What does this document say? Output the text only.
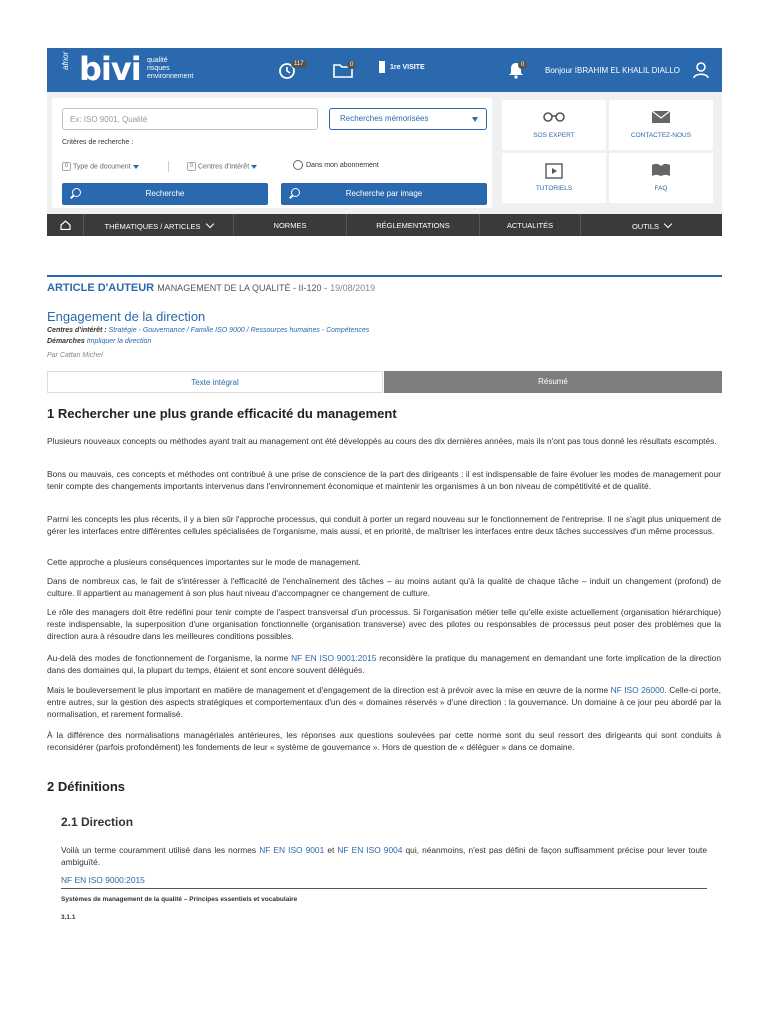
afnor bivi qualité
risques
environnement
117	0	1re VISITE	0
Bonjour IBRAHIM EL KHALIL DIALLO
Ex: ISO 9001, Qualité	Recherches mémorisées
Critères de recherche :
0 Type de document	0 Centres d'intérêt	Dans mon abonnement
Recherche	Recherche par image
SOS EXPERT	CONTACTEZ-NOUS
TUTORIELS	FAQ
THÉMATIQUES / ARTICLES	NORMES	RÉGLEMENTATIONS	ACTUALITÉS	OUTILS
ARTICLE D'AUTEUR MANAGEMENT DE LA QUALITÉ - II-120 - 19/08/2019
Engagement de la direction
Centres d'intérêt : Stratégie - Gouvernance / Famille ISO 9000 / Ressources humaines - Compétences
Démarches Impliquer la direction
Par Cattan Michel
Texte intégral	Résumé
1 Rechercher une plus grande efficacité du management
Plusieurs nouveaux concepts ou méthodes ayant trait au management ont été développés au cours des dix dernières années, mais ils n'ont pas tous donné les résultats escomptés.
Bons ou mauvais, ces concepts et méthodes ont contribué à une prise de conscience de la part des dirigeants : il est indispensable de faire évoluer les modes de management pour tenir compte des changements importants intervenus dans l'environnement économique et maintenir les organismes à un bon niveau de compétitivité et de qualité.
Parmi les concepts les plus récents, il y a bien sûr l'approche processus, qui conduit à porter un regard nouveau sur le fonctionnement de l'entreprise. Il ne s'agit plus uniquement de gérer les interfaces entre différentes cellules spécialisées de l'organisme, mais aussi, et en priorité, de maîtriser les interfaces entre deux tâches successives d'un même processus.
Cette approche a plusieurs conséquences importantes sur le mode de management.
Dans de nombreux cas, le fait de s'intéresser à l'efficacité de l'enchaînement des tâches – au moins autant qu'à la qualité de chaque tâche – induit un changement (profond) de culture. Il appartient au management à son plus haut niveau d'accompagner ce changement de culture.
Le rôle des managers doit être redéfini pour tenir compte de l'aspect transversal d'un processus. Si l'organisation métier telle qu'elle existe actuellement (organisation hiérarchique) reste indispensable, la superposition d'une organisation fonctionnelle (organisation transverse) avec des pilotes ou responsables de processus peut poser des problèmes que la direction aura à résoudre dans les meilleures conditions possibles.
Au-delà des modes de fonctionnement de l'organisme, la norme NF EN ISO 9001:2015 reconsidère la pratique du management en demandant une forte implication de la direction dans des domaines qui, la plupart du temps, étaient et sont encore souvent délégués.
Mais le bouleversement le plus important en matière de management et d'engagement de la direction est à prévoir avec la mise en œuvre de la norme NF ISO 26000. Celle-ci porte, entre autres, sur la gestion des aspects stratégiques et comportementaux d'un des « domaines réservés » d'une direction : la gouvernance. Un domaine à ce jour peu abordé par la normalisation, et rarement formalisé.
À la différence des normalisations managériales antérieures, les réponses aux questions soulevées par cette norme sont du seul ressort des dirigeants qui sont conduits à reconsidérer (parfois profondément) les fondements de leur « système de gouvernance ». Hors de question de « déléguer » dans ce domaine.
2 Définitions
2.1 Direction
Voilà un terme couramment utilisé dans les normes NF EN ISO 9001 et NF EN ISO 9004 qui, néanmoins, n'est pas défini de façon suffisamment précise pour lever toute ambiguïté.
NF EN ISO 9000:2015
Systèmes de management de la qualité – Principes essentiels et vocabulaire
3.1.1
